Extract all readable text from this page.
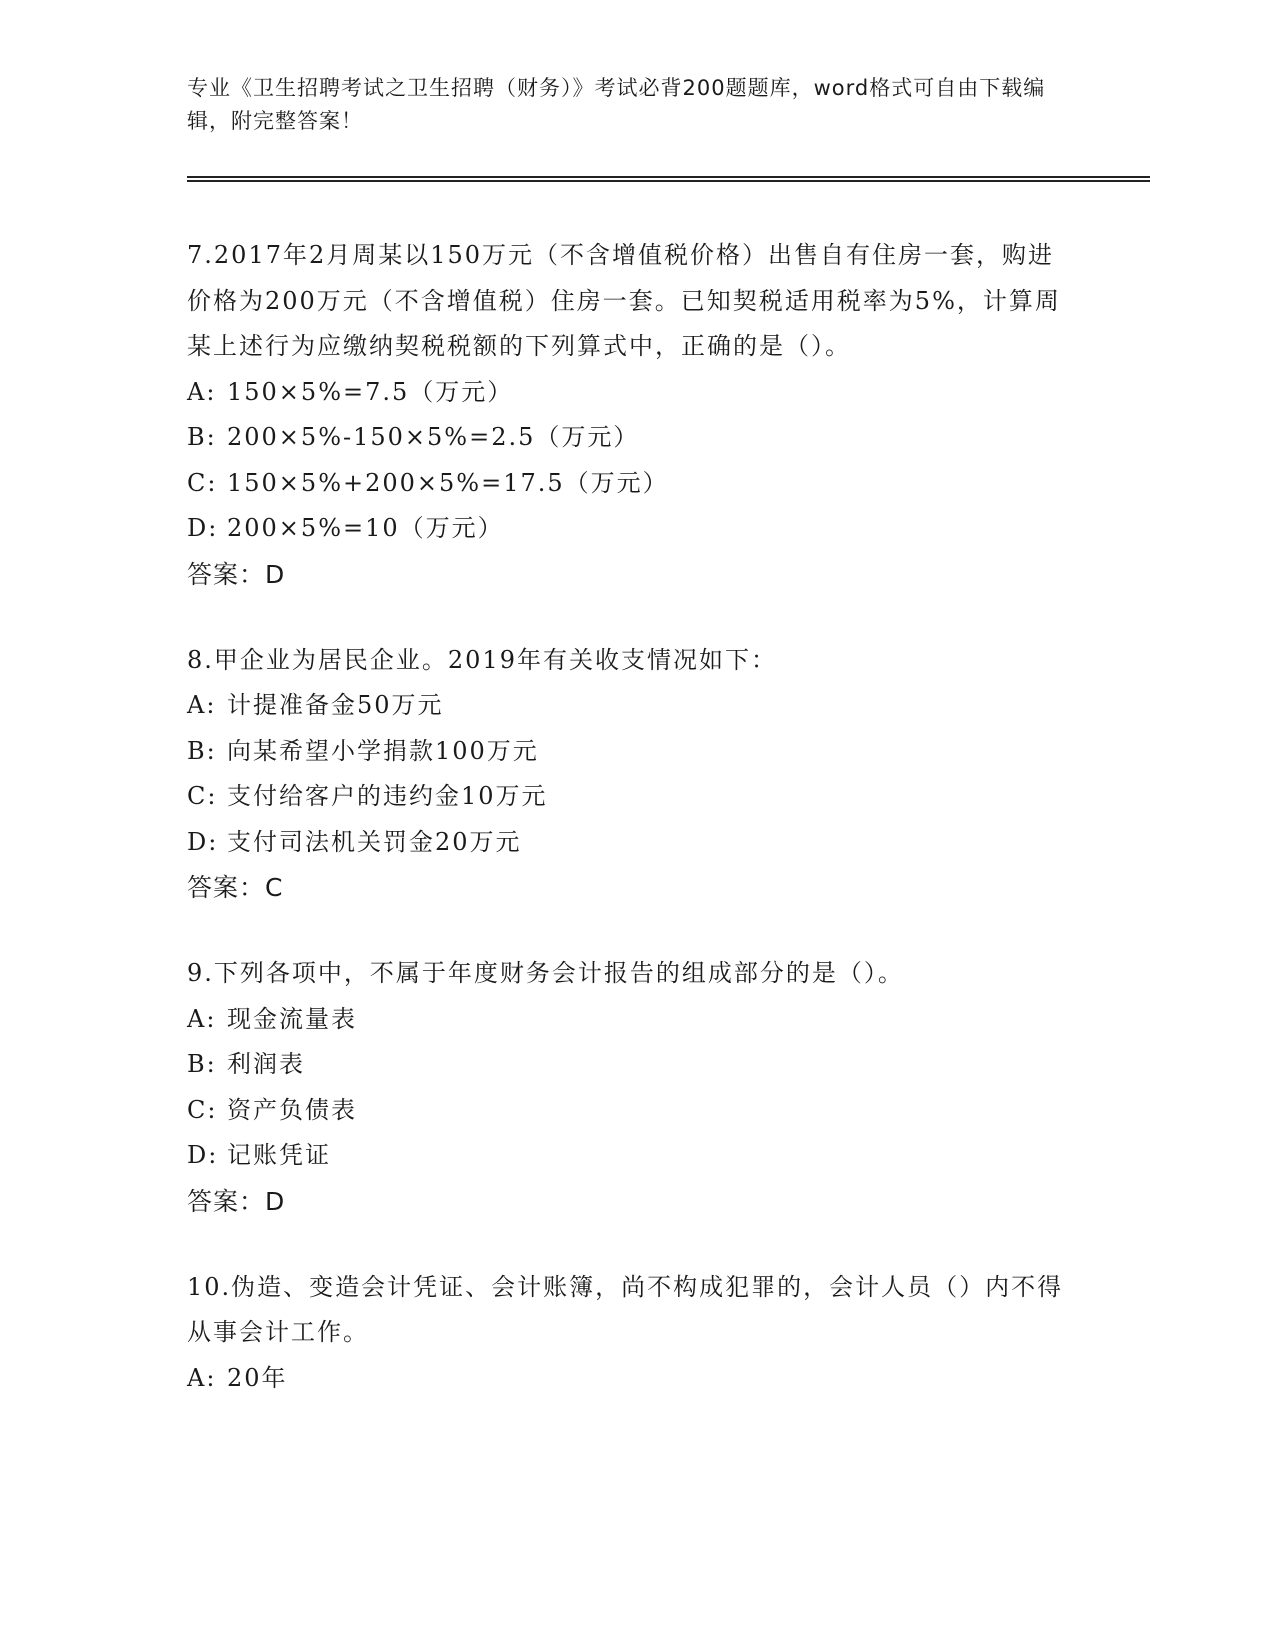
专业《卫生招聘考试之卫生招聘（财务）》考试必背200题题库，word格式可自由下载编辑，附完整答案！

7.2017年2月周某以150万元（不含增值税价格）出售自有住房一套，购进价格为200万元（不含增值税）住房一套。已知契税适用税率为5%，计算周某上述行为应缴纳契税税额的下列算式中，正确的是（）。

A: 150×5%=7.5（万元）

B: 200×5%-150×5%=2.5（万元）

C: 150×5%+200×5%=17.5（万元）

D: 200×5%=10（万元）

答案：D

8.甲企业为居民企业。2019年有关收支情况如下：

A: 计提准备金50万元

B: 向某希望小学捐款100万元

C: 支付给客户的违约金10万元

D: 支付司法机关罚金20万元

答案：C

9.下列各项中，不属于年度财务会计报告的组成部分的是（）。

A: 现金流量表

B: 利润表

C: 资产负债表

D: 记账凭证

答案：D

10.伪造、变造会计凭证、会计账簿，尚不构成犯罪的，会计人员（）内不得从事会计工作。

A: 20年
